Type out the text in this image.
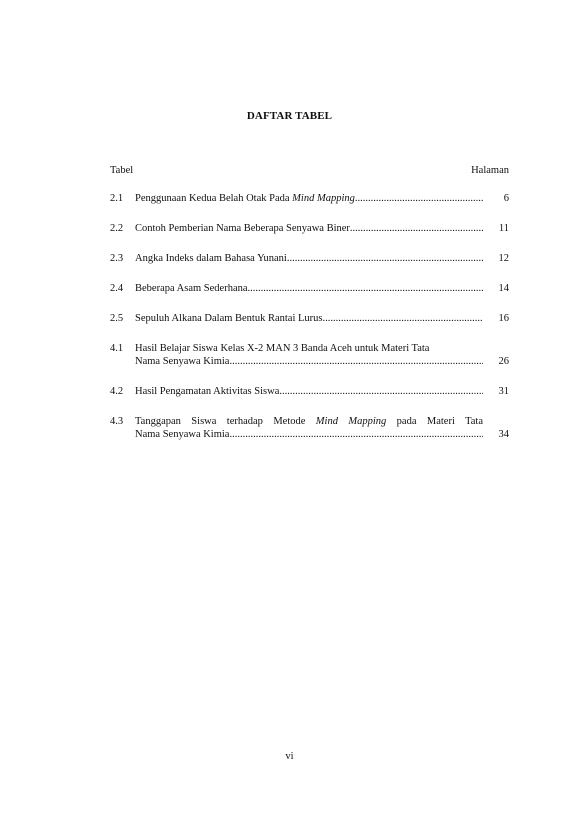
DAFTAR TABEL
Tabel	Halaman
2.1	Penggunaan Kedua Belah Otak Pada Mind Mapping .....	6
2.2	Contoh Pemberian Nama Beberapa Senyawa Biner .....	11
2.3	Angka Indeks dalam Bahasa Yunani .....	12
2.4	Beberapa Asam Sederhana .....	14
2.5	Sepuluh Alkana Dalam Bentuk Rantai Lurus .....	16
4.1	Hasil Belajar Siswa Kelas X-2 MAN 3 Banda Aceh untuk Materi Tata
Nama Senyawa Kimia .....	26
4.2	Hasil Pengamatan Aktivitas Siswa .....	31
4.3	Tanggapan Siswa terhadap Metode Mind Mapping pada Materi Tata
Nama Senyawa Kimia .....	34
vi
